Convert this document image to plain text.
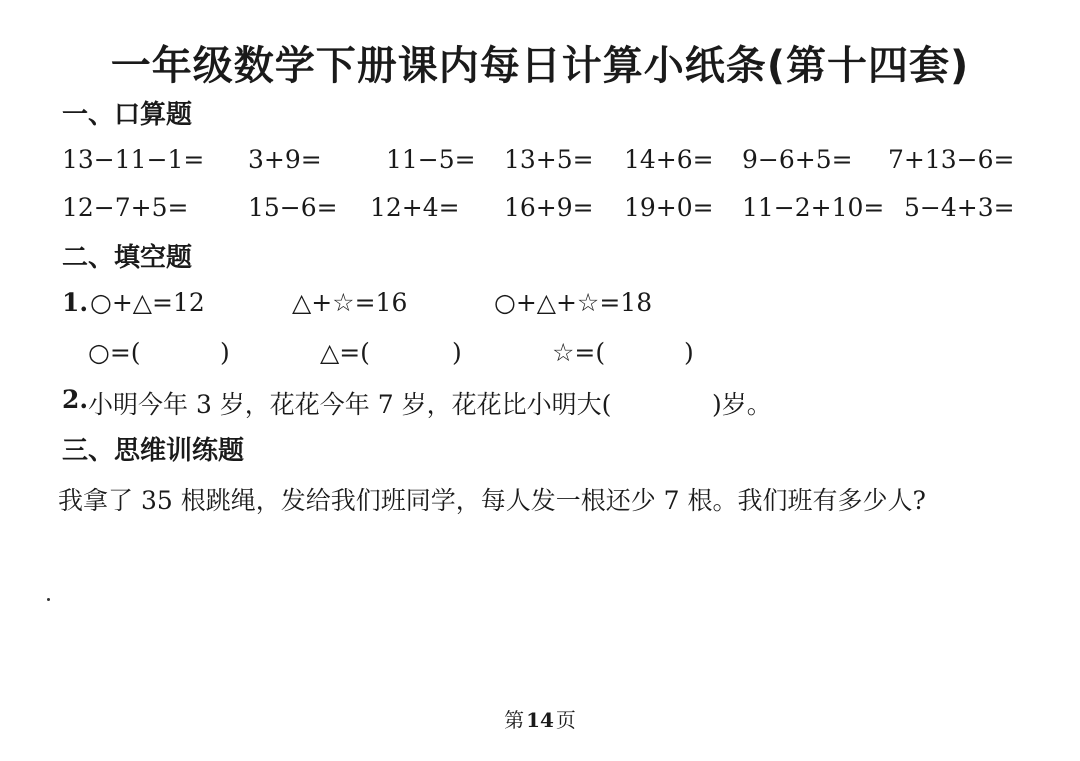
一年级数学下册课内每日计算小纸条(第十四套)
一、口算题
13−11−1= 3+9=	11−5= 13+5= 14+6= 9−6+5= 7+13−6=
12−7+5= 15−6= 12+4= 16+9= 19+0= 11−2+10= 5−4+3=
二、填空题
1. ○+△=12	△+☆=16	○+△+☆=18
○=(	)	△=(	)	☆=(	)
2. 小明今年 3 岁，花花今年 7 岁，花花比小明大(	)岁。
三、思维训练题
我拿了 35 根跳绳，发给我们班同学，每人发一根还少 7 根。我们班有多少人?
第 14 页
